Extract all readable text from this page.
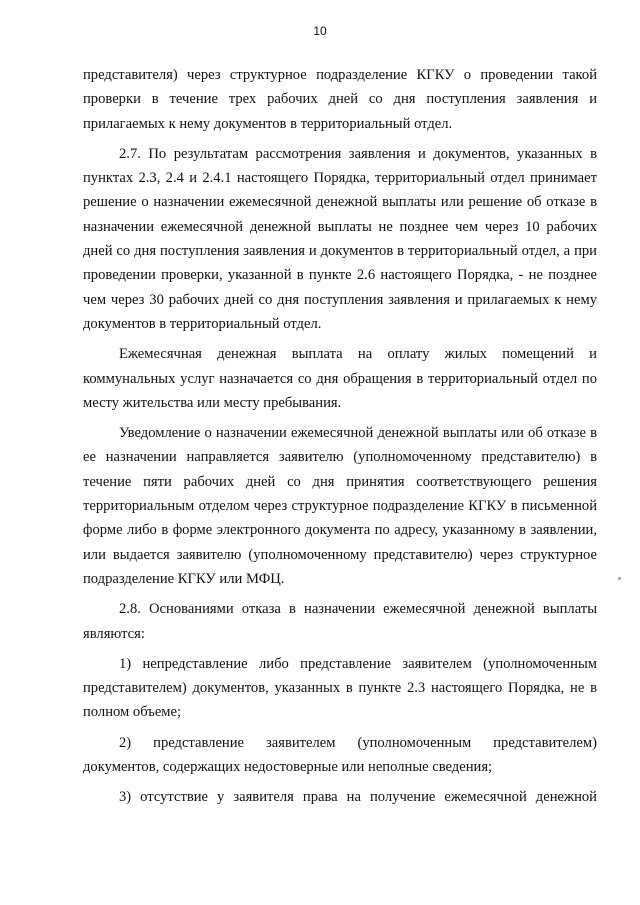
10

представителя) через структурное подразделение КГКУ о проведении такой проверки в течение трех рабочих дней со дня поступления заявления и прилагаемых к нему документов в территориальный отдел.

2.7. По результатам рассмотрения заявления и документов, указанных в пунктах 2.3, 2.4 и 2.4.1 настоящего Порядка, территориальный отдел принимает решение о назначении ежемесячной денежной выплаты или решение об отказе в назначении ежемесячной денежной выплаты не позднее чем через 10 рабочих дней со дня поступления заявления и документов в территориальный отдел, а при проведении проверки, указанной в пункте 2.6 настоящего Порядка, - не позднее чем через 30 рабочих дней со дня поступления заявления и прилагаемых к нему документов в территориальный отдел.

Ежемесячная денежная выплата на оплату жилых помещений и коммунальных услуг назначается со дня обращения в территориальный отдел по месту жительства или месту пребывания.

Уведомление о назначении ежемесячной денежной выплаты или об отказе в ее назначении направляется заявителю (уполномоченному представителю) в течение пяти рабочих дней со дня принятия соответствующего решения территориальным отделом через структурное подразделение КГКУ в письменной форме либо в форме электронного документа по адресу, указанному в заявлении, или выдается заявителю (уполномоченному представителю) через структурное подразделение КГКУ или МФЦ.

2.8. Основаниями отказа в назначении ежемесячной денежной выплаты являются:

1) непредставление либо представление заявителем (уполномоченным представителем) документов, указанных в пункте 2.3 настоящего Порядка, не в полном объеме;

2) представление заявителем (уполномоченным представителем) документов, содержащих недостоверные или неполные сведения;

3) отсутствие у заявителя права на получение ежемесячной денежной
